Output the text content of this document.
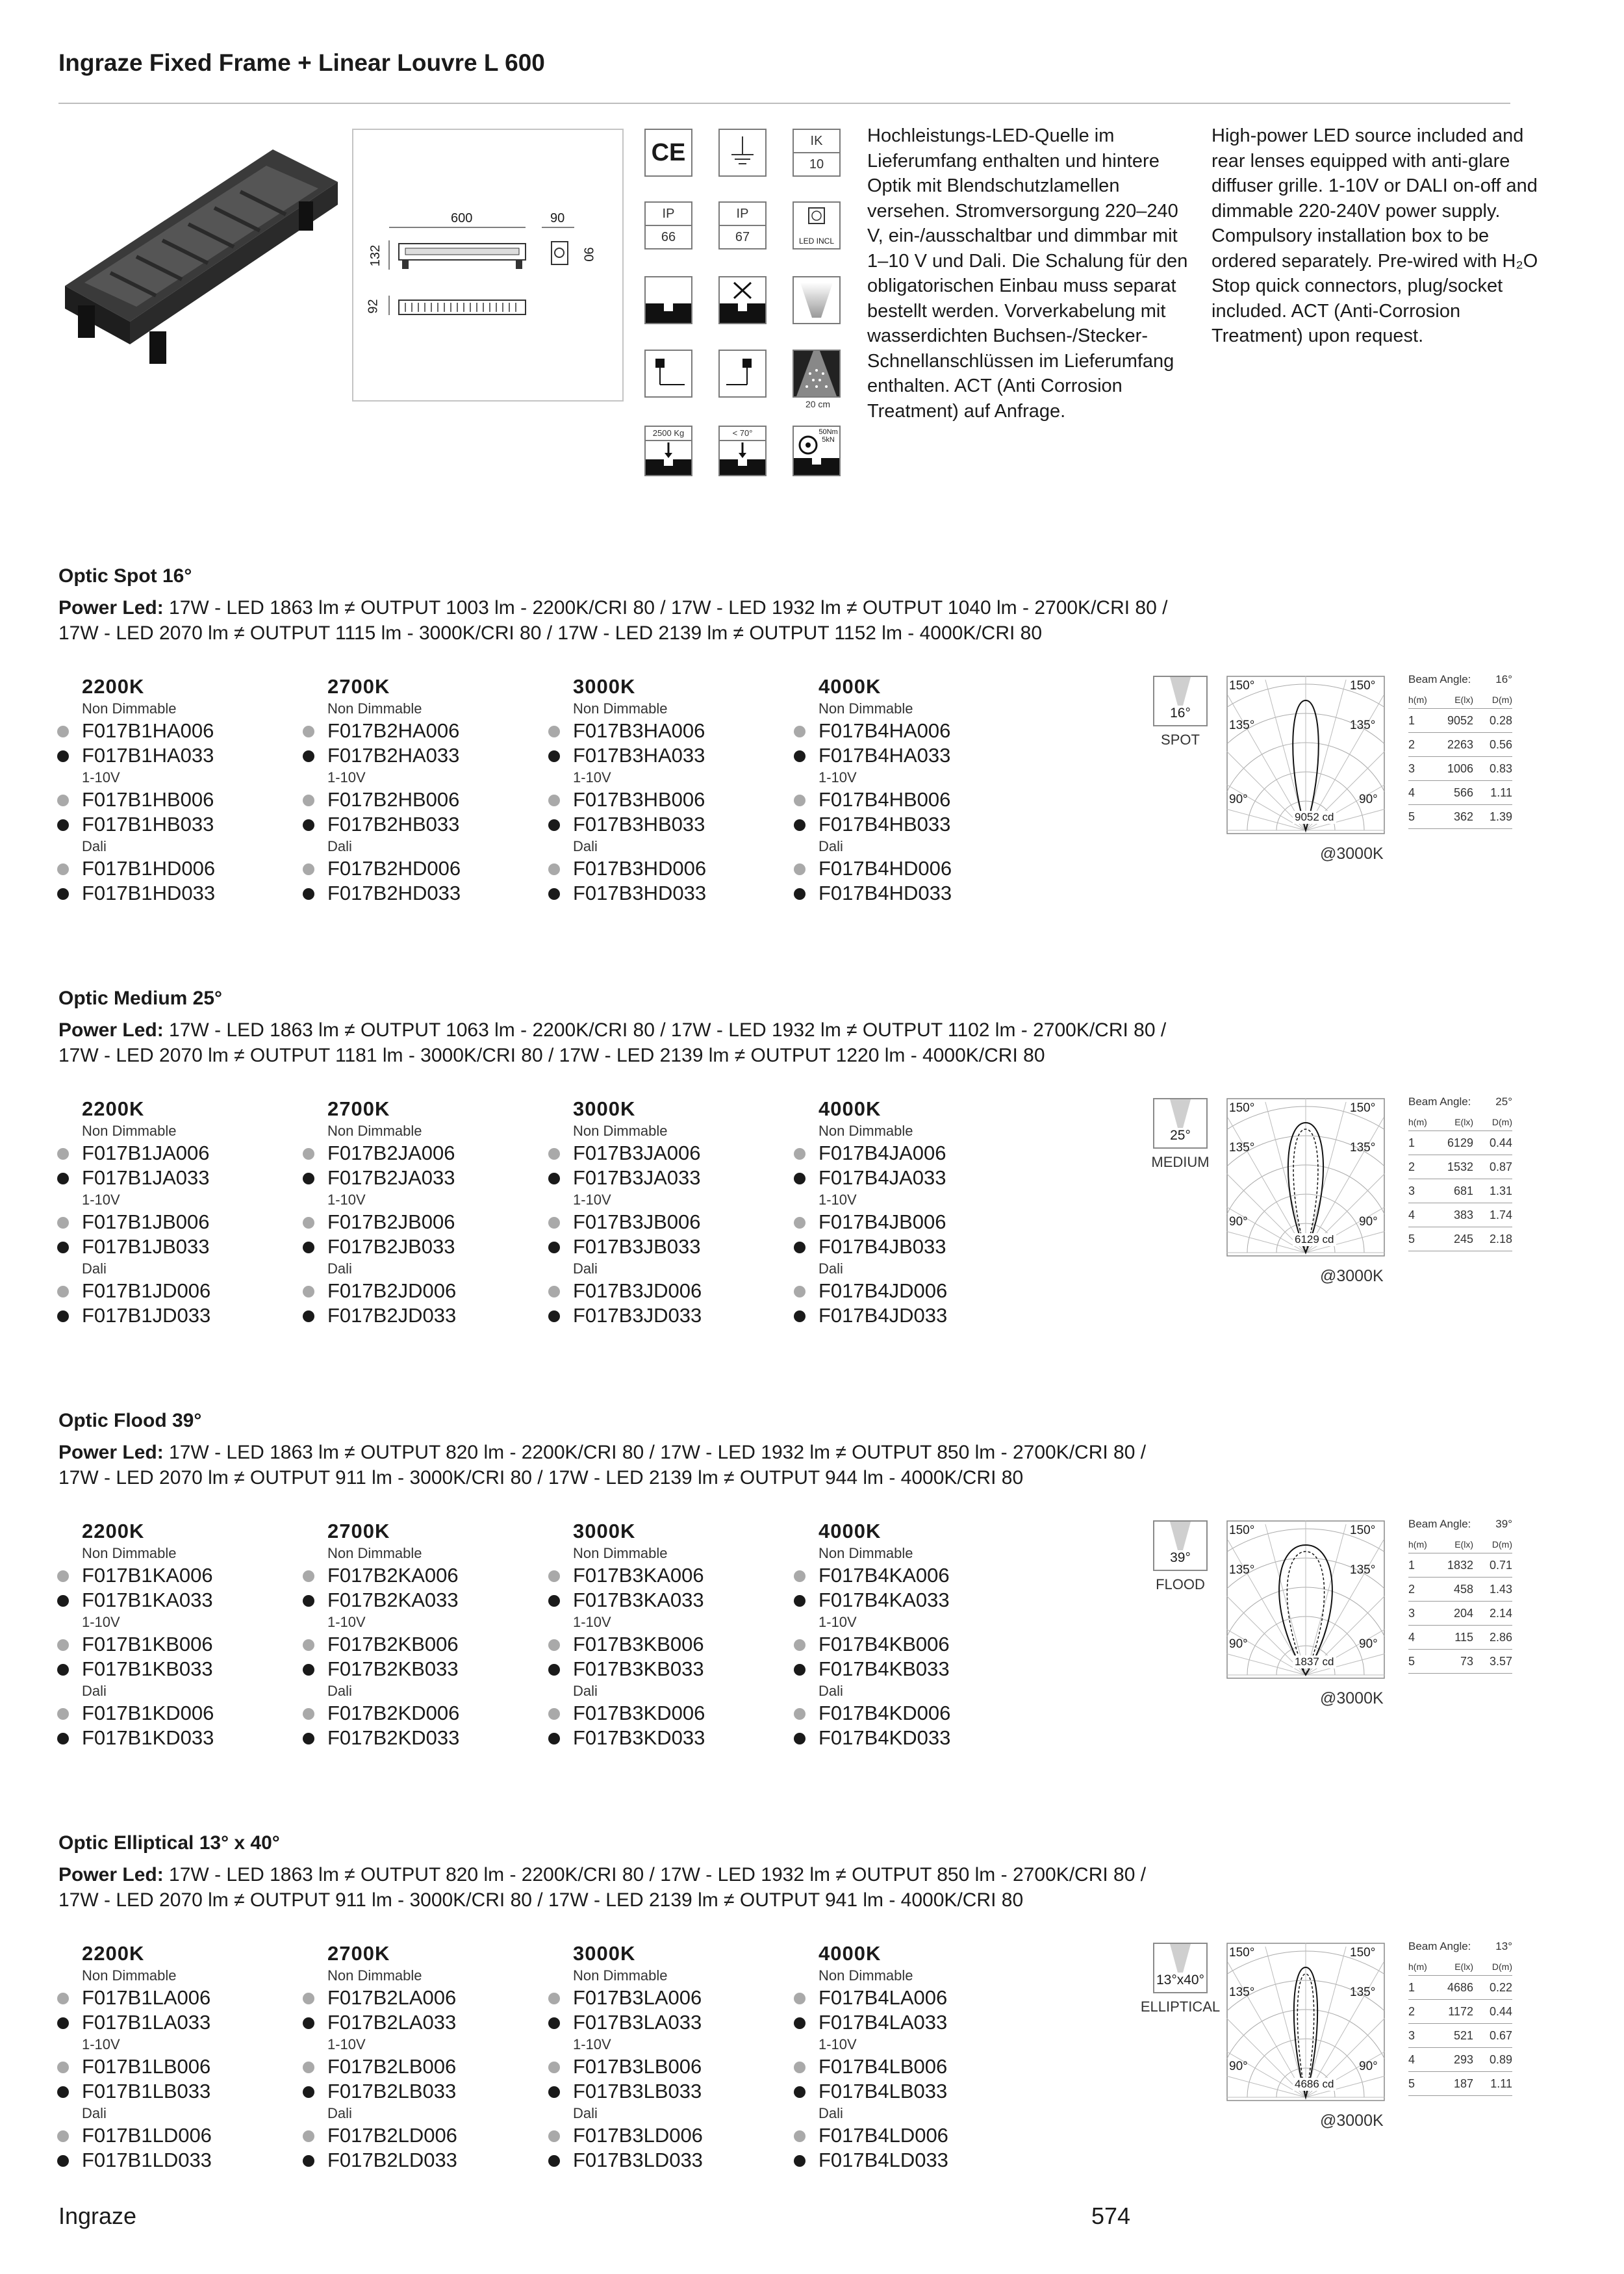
Ingraze Fixed Frame + Linear Louvre L 600
600	90
132	90
92
CE	IK
10
IP
66
IP
67	LED INCL
20 cm
2500 Kg	< 70°	50Nm 5kN
Hochleistungs-LED-Quelle im Lieferumfang enthalten und hintere Optik mit Blendschutzlamellen versehen. Stromversorgung 220–240 V, ein-/ausschaltbar und dimmbar mit 1–10 V und Dali. Die Schalung für den obligatorischen Einbau muss separat bestellt werden. Vorverkabelung mit wasserdichten Buchsen-/Stecker-Schnellanschlüssen im Lieferumfang enthalten. ACT (Anti Corrosion Treatment) auf Anfrage.
High-power LED source included and rear lenses equipped with anti-glare diffuser grille. 1-10V or DALI on-off and dimmable 220-240V power supply. Compulsory installation box to be ordered separately. Pre-wired with H₂O Stop quick connectors, plug/socket included. ACT (Anti-Corrosion Treatment) upon request.
Optic Spot 16°
Power Led: 17W - LED 1863 lm ≠ OUTPUT 1003 lm - 2200K/CRI 80 / 17W - LED 1932 lm ≠ OUTPUT 1040 lm - 2700K/CRI 80 /
17W - LED 2070 lm ≠ OUTPUT 1115 lm - 3000K/CRI 80 / 17W - LED 2139 lm ≠ OUTPUT 1152 lm - 4000K/CRI 80
2200K
Non Dimmable
F017B1HA006
F017B1HA033
1-10V
F017B1HB006
F017B1HB033
Dali
F017B1HD006
F017B1HD033
2700K
Non Dimmable
F017B2HA006
F017B2HA033
1-10V
F017B2HB006
F017B2HB033
Dali
F017B2HD006
F017B2HD033
3000K
Non Dimmable
F017B3HA006
F017B3HA033
1-10V
F017B3HB006
F017B3HB033
Dali
F017B3HD006
F017B3HD033
4000K
Non Dimmable
F017B4HA006
F017B4HA033
1-10V
F017B4HB006
F017B4HB033
Dali
F017B4HD006
F017B4HD033
16°
SPOT
9052 cd
150°	150°
135°	135°
90°	90°
@3000K
Beam Angle: 16°
h(m)	E(lx)	D(m)
1	9052	0.28
2	2263	0.56
3	1006	0.83
4	566	1.11
5	362	1.39
Optic Medium 25°
Power Led: 17W - LED 1863 lm ≠ OUTPUT 1063 lm - 2200K/CRI 80 / 17W - LED 1932 lm ≠ OUTPUT 1102 lm - 2700K/CRI 80 /
17W - LED 2070 lm ≠ OUTPUT 1181 lm - 3000K/CRI 80 / 17W - LED 2139 lm ≠ OUTPUT 1220 lm - 4000K/CRI 80
2200K
Non Dimmable
F017B1JA006
F017B1JA033
1-10V
F017B1JB006
F017B1JB033
Dali
F017B1JD006
F017B1JD033
2700K
Non Dimmable
F017B2JA006
F017B2JA033
1-10V
F017B2JB006
F017B2JB033
Dali
F017B2JD006
F017B2JD033
3000K
Non Dimmable
F017B3JA006
F017B3JA033
1-10V
F017B3JB006
F017B3JB033
Dali
F017B3JD006
F017B3JD033
4000K
Non Dimmable
F017B4JA006
F017B4JA033
1-10V
F017B4JB006
F017B4JB033
Dali
F017B4JD006
F017B4JD033
25°
MEDIUM
6129 cd
150°	150°
135°	135°
90°	90°
@3000K
Beam Angle: 25°
h(m)	E(lx)	D(m)
1	6129	0.44
2	1532	0.87
3	681	1.31
4	383	1.74
5	245	2.18
Optic Flood 39°
Power Led: 17W - LED 1863 lm ≠ OUTPUT 820 lm - 2200K/CRI 80 / 17W - LED 1932 lm ≠ OUTPUT 850 lm - 2700K/CRI 80 /
17W - LED 2070 lm ≠ OUTPUT 911 lm - 3000K/CRI 80 / 17W - LED 2139 lm ≠ OUTPUT 944 lm - 4000K/CRI 80
2200K
Non Dimmable
F017B1KA006
F017B1KA033
1-10V
F017B1KB006
F017B1KB033
Dali
F017B1KD006
F017B1KD033
2700K
Non Dimmable
F017B2KA006
F017B2KA033
1-10V
F017B2KB006
F017B2KB033
Dali
F017B2KD006
F017B2KD033
3000K
Non Dimmable
F017B3KA006
F017B3KA033
1-10V
F017B3KB006
F017B3KB033
Dali
F017B3KD006
F017B3KD033
4000K
Non Dimmable
F017B4KA006
F017B4KA033
1-10V
F017B4KB006
F017B4KB033
Dali
F017B4KD006
F017B4KD033
39°
FLOOD
1837 cd
150°	150°
135°	135°
90°	90°
@3000K
Beam Angle: 39°
h(m)	E(lx)	D(m)
1	1832	0.71
2	458	1.43
3	204	2.14
4	115	2.86
5	73	3.57
Optic Elliptical 13° x 40°
Power Led: 17W - LED 1863 lm ≠ OUTPUT 820 lm - 2200K/CRI 80 / 17W - LED 1932 lm ≠ OUTPUT 850 lm - 2700K/CRI 80 /
17W - LED 2070 lm ≠ OUTPUT 911 lm - 3000K/CRI 80 / 17W - LED 2139 lm ≠ OUTPUT 941 lm - 4000K/CRI 80
2200K
Non Dimmable
F017B1LA006
F017B1LA033
1-10V
F017B1LB006
F017B1LB033
Dali
F017B1LD006
F017B1LD033
2700K
Non Dimmable
F017B2LA006
F017B2LA033
1-10V
F017B2LB006
F017B2LB033
Dali
F017B2LD006
F017B2LD033
3000K
Non Dimmable
F017B3LA006
F017B3LA033
1-10V
F017B3LB006
F017B3LB033
Dali
F017B3LD006
F017B3LD033
4000K
Non Dimmable
F017B4LA006
F017B4LA033
1-10V
F017B4LB006
F017B4LB033
Dali
F017B4LD006
F017B4LD033
13°x40°
ELLIPTICAL
4686 cd
150°	150°
135°	135°
90°	90°
@3000K
Beam Angle: 13°
h(m)	E(lx)	D(m)
1	4686	0.22
2	1172	0.44
3	521	0.67
4	293	0.89
5	187	1.11
Ingraze	574
